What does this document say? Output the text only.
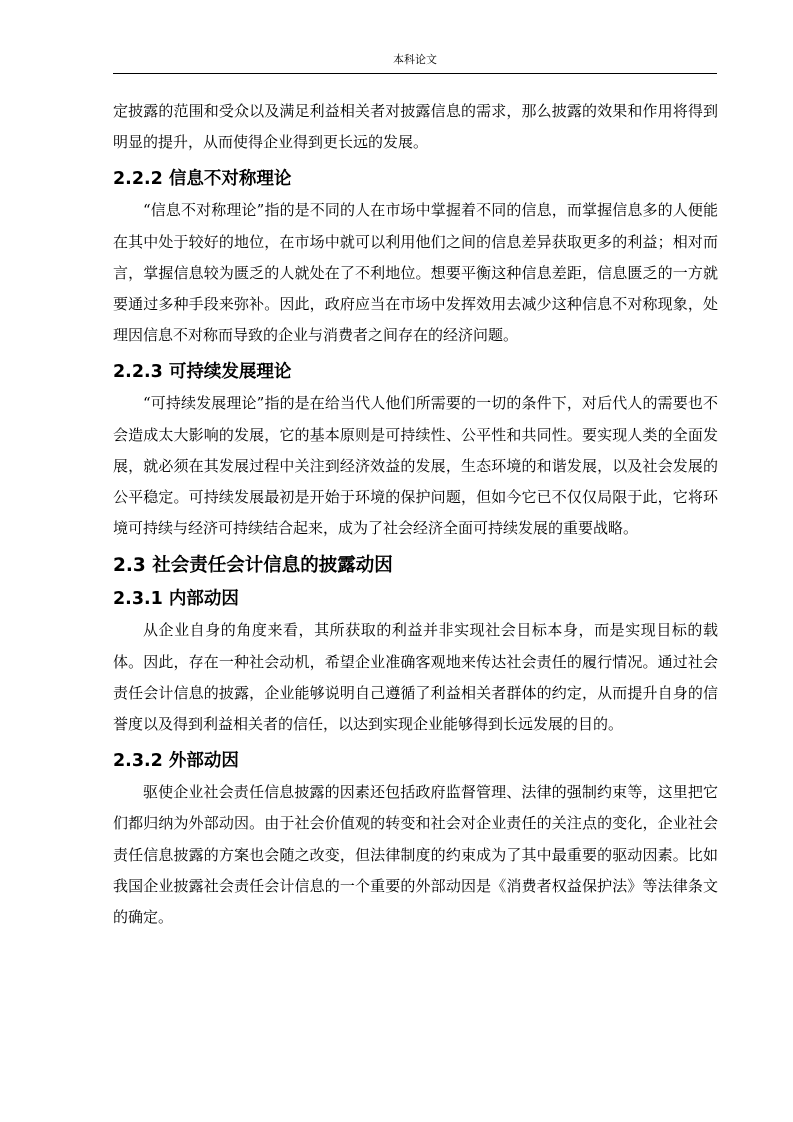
本科论文

定披露的范围和受众以及满足利益相关者对披露信息的需求，那么披露的效果和作用将得到明显的提升，从而使得企业得到更长远的发展。

2.2.2 信息不对称理论

“信息不对称理论”指的是不同的人在市场中掌握着不同的信息，而掌握信息多的人便能在其中处于较好的地位，在市场中就可以利用他们之间的信息差异获取更多的利益；相对而言，掌握信息较为匮乏的人就处在了不利地位。想要平衡这种信息差距，信息匮乏的一方就要通过多种手段来弥补。因此，政府应当在市场中发挥效用去减少这种信息不对称现象，处理因信息不对称而导致的企业与消费者之间存在的经济问题。

2.2.3 可持续发展理论

“可持续发展理论”指的是在给当代人他们所需要的一切的条件下，对后代人的需要也不会造成太大影响的发展，它的基本原则是可持续性、公平性和共同性。要实现人类的全面发展，就必须在其发展过程中关注到经济效益的发展，生态环境的和谐发展，以及社会发展的公平稳定。可持续发展最初是开始于环境的保护问题，但如今它已不仅仅局限于此，它将环境可持续与经济可持续结合起来，成为了社会经济全面可持续发展的重要战略。

2.3 社会责任会计信息的披露动因
2.3.1 内部动因

从企业自身的角度来看，其所获取的利益并非实现社会目标本身，而是实现目标的载体。因此，存在一种社会动机，希望企业准确客观地来传达社会责任的履行情况。通过社会责任会计信息的披露，企业能够说明自己遵循了利益相关者群体的约定，从而提升自身的信誉度以及得到利益相关者的信任，以达到实现企业能够得到长远发展的目的。

2.3.2 外部动因

驱使企业社会责任信息披露的因素还包括政府监督管理、法律的强制约束等，这里把它们都归纳为外部动因。由于社会价值观的转变和社会对企业责任的关注点的变化，企业社会责任信息披露的方案也会随之改变，但法律制度的约束成为了其中最重要的驱动因素。比如我国企业披露社会责任会计信息的一个重要的外部动因是《消费者权益保护法》等法律条文的确定。
